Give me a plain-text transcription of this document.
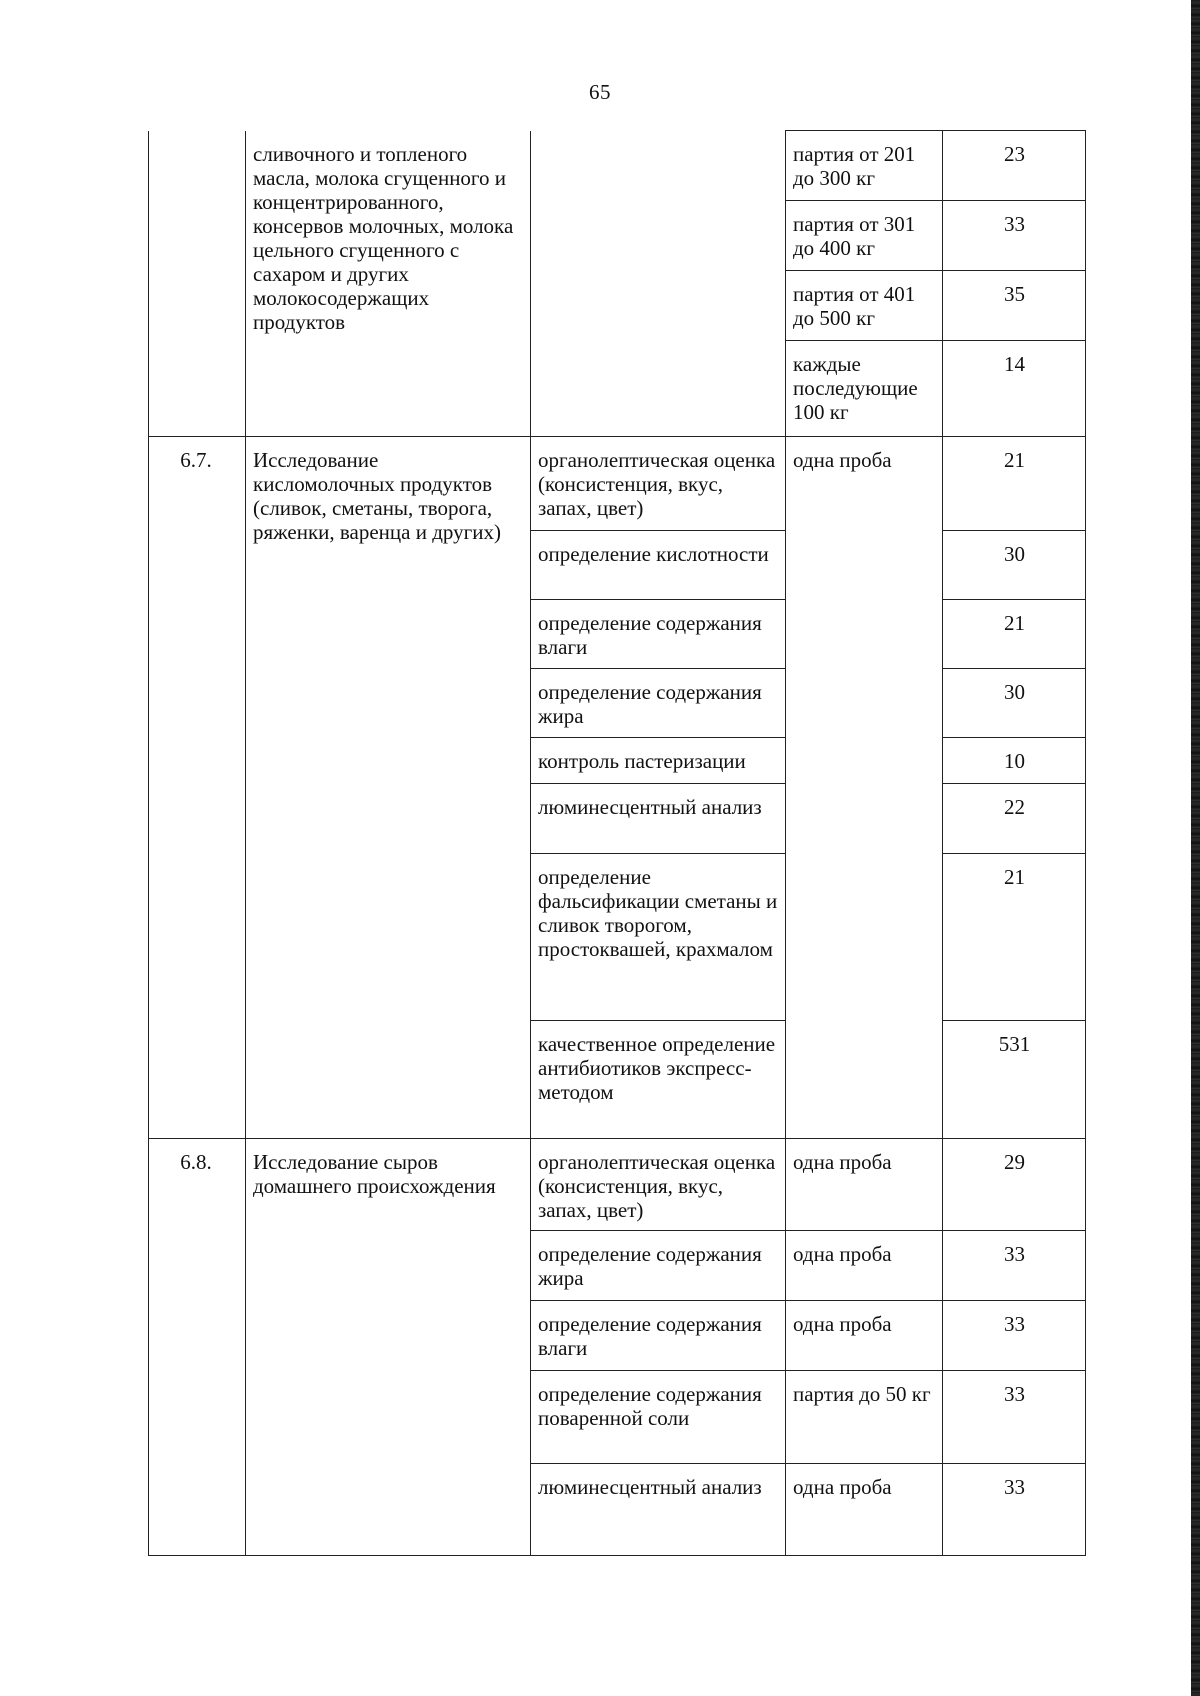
65
	сливочного и топленого масла, молока сгущенного и концентрированного, консервов молочных, молока цельного сгущенного с сахаром и других молокосодержащих продуктов		партия от 201 до 300 кг	23
			партия от 301 до 400 кг	33
			партия от 401 до 500 кг	35
			каждые последующие 100 кг	14
6.7.	Исследование кисломолочных продуктов (сливок, сметаны, творога, ряженки, варенца и других)	органолептическая оценка (консистенция, вкус, запах, цвет)	одна проба	21
		определение кислотности		30
		определение содержания влаги		21
		определение содержания жира		30
		контроль пастеризации		10
		люминесцентный анализ		22
		определение фальсификации сметаны и сливок творогом, простоквашей, крахмалом		21
		качественное определение антибиотиков экспресс-методом		531
6.8.	Исследование сыров домашнего происхождения	органолептическая оценка (консистенция, вкус, запах, цвет)	одна проба	29
		определение содержания жира	одна проба	33
		определение содержания влаги	одна проба	33
		определение содержания поваренной соли	партия до 50 кг	33
		люминесцентный анализ	одна проба	33
